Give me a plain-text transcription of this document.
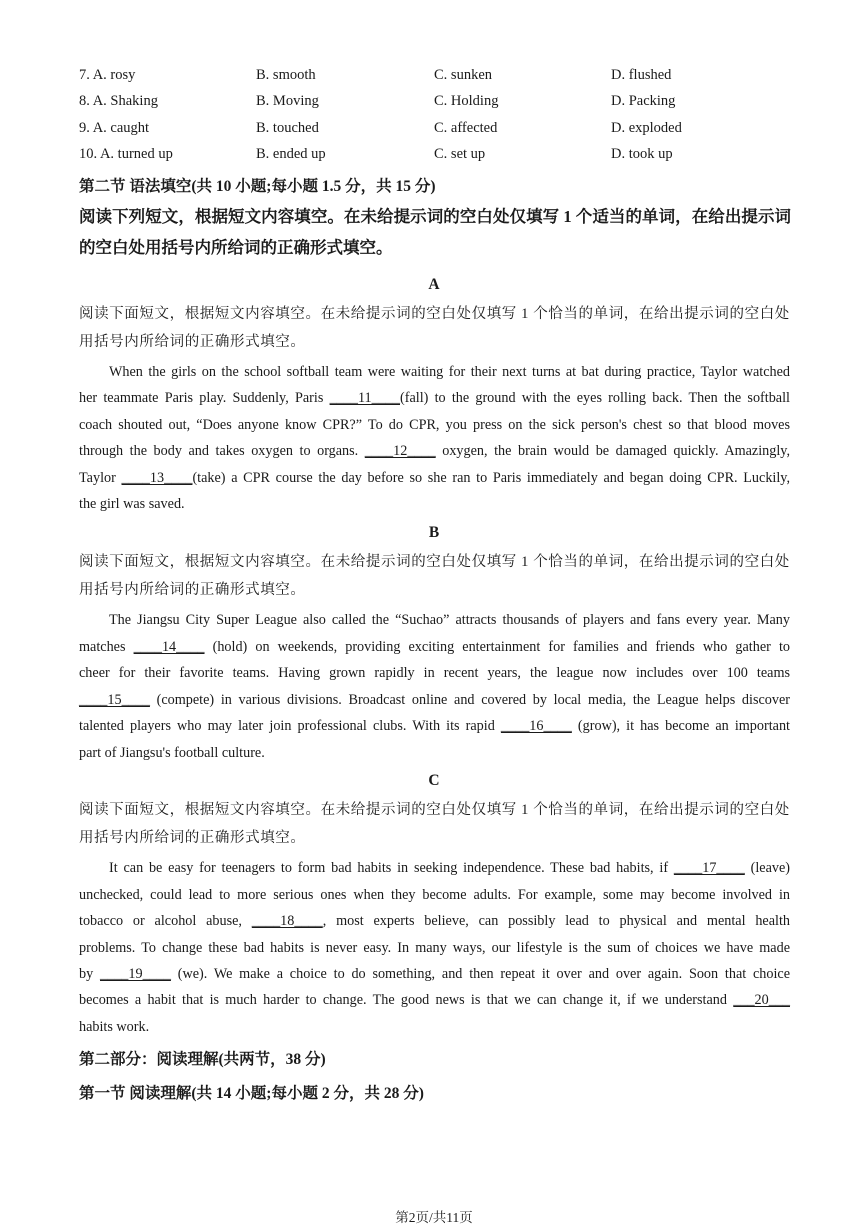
7. A. rosy	B. smooth	C. sunken	D. flushed
8. A. Shaking	B. Moving	C. Holding	D. Packing
9. A. caught	B. touched	C. affected	D. exploded
10. A. turned up	B. ended up	C. set up	D. took up
第二节 语法填空(共 10 小题;每小题 1.5 分，共 15 分)
阅读下列短文，根据短文内容填空。在未给提示词的空白处仅填写 1 个适当的单词，在给出提示词的空白处用括号内所给词的正确形式填空。
A
阅读下面短文，根据短文内容填空。在未给提示词的空白处仅填写 1 个恰当的单词，在给出提示词的空白处用括号内所给词的正确形式填空。
When the girls on the school softball team were waiting for their next turns at bat during practice, Taylor watched
her teammate Paris play. Suddenly, Paris ____11____(fall) to the ground with the eyes rolling back. Then the softball
coach shouted out, “Does anyone know CPR?” To do CPR, you press on the sick person's chest so that blood moves
through the body and takes oxygen to organs. ____12____ oxygen, the brain would be damaged quickly. Amazingly,
Taylor ____13____(take) a CPR course the day before so she ran to Paris immediately and began doing CPR. Luckily,
the girl was saved.
B
阅读下面短文，根据短文内容填空。在未给提示词的空白处仅填写 1 个恰当的单词，在给出提示词的空白处用括号内所给词的正确形式填空。
The Jiangsu City Super League also called the “Suchao” attracts thousands of players and fans every year. Many
matches ____14____ (hold) on weekends, providing exciting entertainment for families and friends who gather to
cheer for their favorite teams. Having grown rapidly in recent years, the league now includes over 100 teams
____15____ (compete) in various divisions. Broadcast online and covered by local media, the League helps discover
talented players who may later join professional clubs. With its rapid ____16____ (grow), it has become an important
part of Jiangsu's football culture.
C
阅读下面短文，根据短文内容填空。在未给提示词的空白处仅填写 1 个恰当的单词，在给出提示词的空白处用括号内所给词的正确形式填空。
It can be easy for teenagers to form bad habits in seeking independence. These bad habits, if ____17____ (leave)
unchecked, could lead to more serious ones when they become adults. For example, some may become involved in
tobacco or alcohol abuse, ____18____, most experts believe, can possibly lead to physical and mental health
problems. To change these bad habits is never easy. In many ways, our lifestyle is the sum of choices we have made
by ____19____ (we). We make a choice to do something, and then repeat it over and over again. Soon that choice
becomes a habit that is much harder to change. The good news is that we can change it, if we understand ___20___
habits work.
第二部分：阅读理解(共两节，38 分)
第一节 阅读理解(共 14 小题;每小题 2 分，共 28 分)
第2页/共11页
